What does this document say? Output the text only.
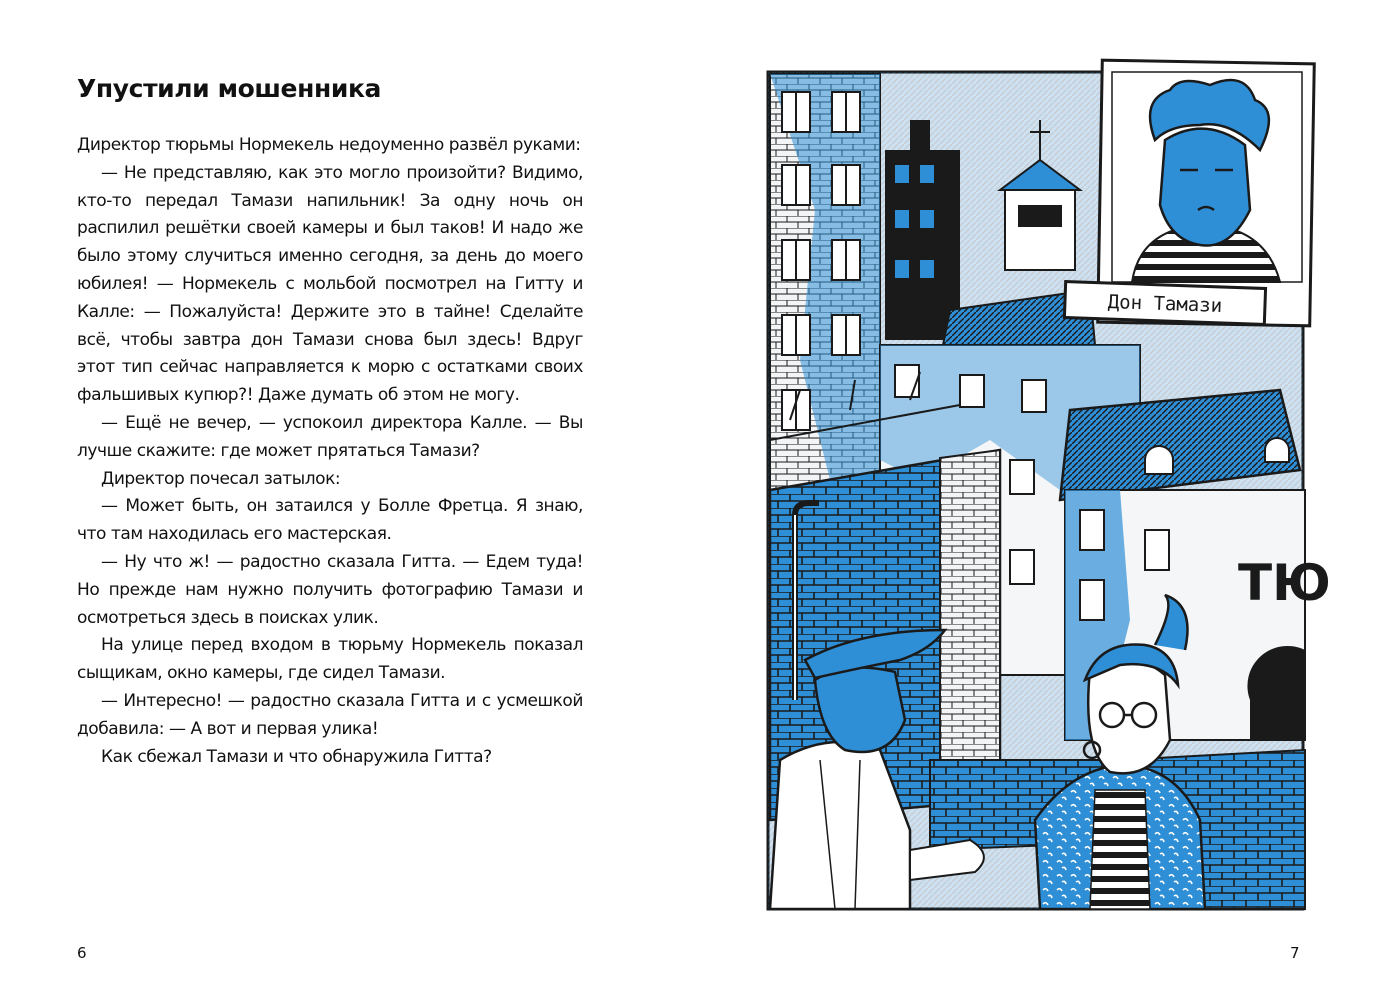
Упустили мошенника

Директор тюрьмы Нормекель недоуменно развёл руками:

— Не представляю, как это могло произойти? Видимо, кто-то передал Тамази напильник! За одну ночь он распилил решётки своей камеры и был таков! И надо же было этому случиться именно сегодня, за день до моего юбилея! — Нормекель с мольбой посмотрел на Гитту и Калле: — Пожалуйста! Держите это в тайне! Сделайте всё, чтобы завтра дон Тамази снова был здесь! Вдруг этот тип сейчас направляется к морю с остатками своих фальшивых купюр?! Даже думать об этом не могу.

— Ещё не вечер, — успокоил директора Калле. — Вы лучше скажите: где может прятаться Тамази?

Директор почесал затылок:

— Может быть, он затаился у Болле Фретца. Я знаю, что там находилась его мастерская.

— Ну что ж! — радостно сказала Гитта. — Едем туда! Но прежде нам нужно получить фотографию Тамази и осмотреться здесь в поисках улик.

На улице перед входом в тюрьму Нормекель показал сыщикам, окно камеры, где сидел Тамази.

— Интересно! — радостно сказала Гитта и с усмешкой добавила: — А вот и первая улика!

Как сбежал Тамази и что обнаружила Гитта?

6	7
ТЮ
Дон Тамази
